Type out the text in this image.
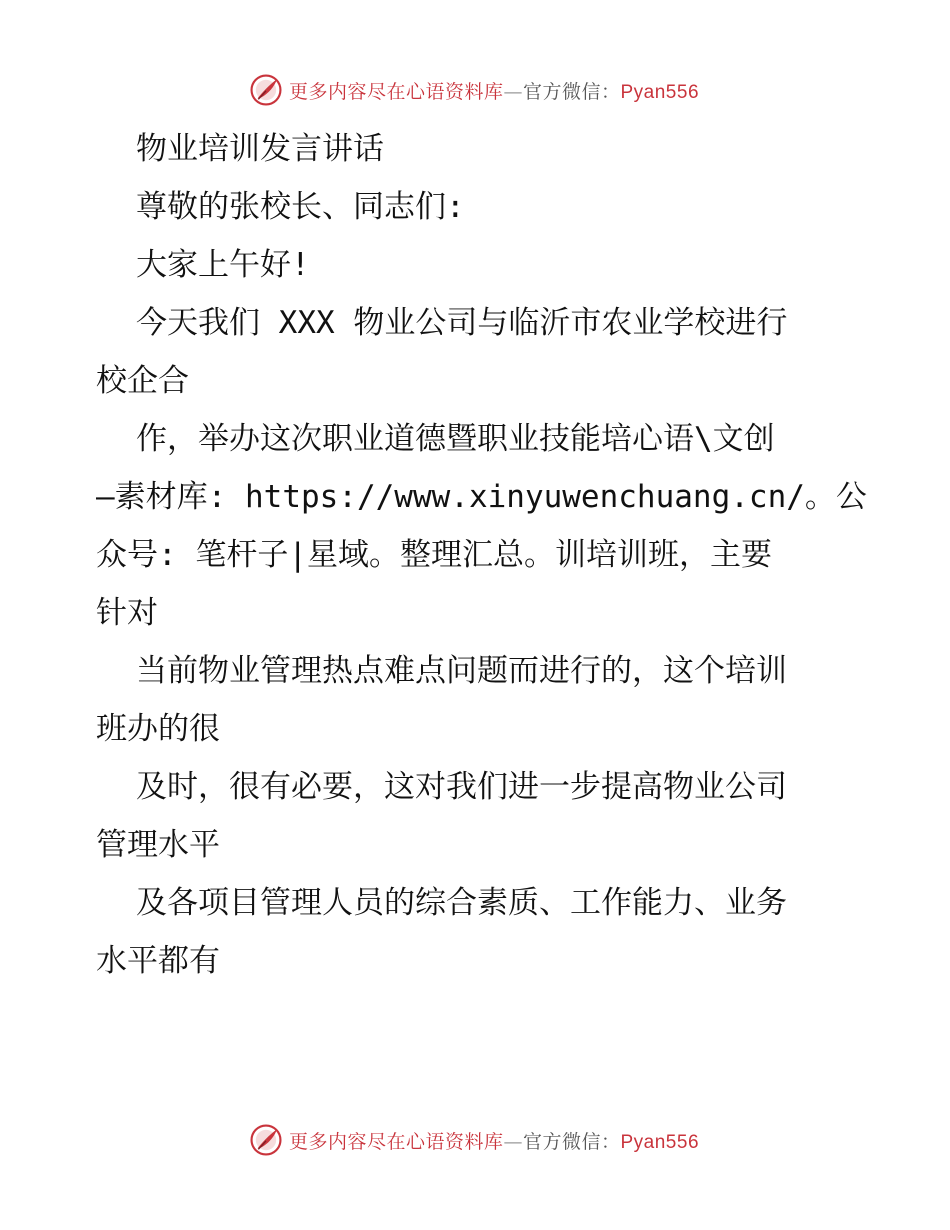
更多内容尽在心语资料库—官方微信：Pyan556
物业培训发言讲话
尊敬的张校长、同志们:
大家上午好!
今天我们 XXX 物业公司与临沂市农业学校进行
校企合
作，举办这次职业道德暨职业技能培心语\文创
—素材库: https://www.xinyuwenchuang.cn/。公
众号: 笔杆子|星域。整理汇总。训培训班，主要
针对
当前物业管理热点难点问题而进行的，这个培训
班办的很
及时，很有必要，这对我们进一步提高物业公司
管理水平
及各项目管理人员的综合素质、工作能力、业务
水平都有
更多内容尽在心语资料库—官方微信：Pyan556
